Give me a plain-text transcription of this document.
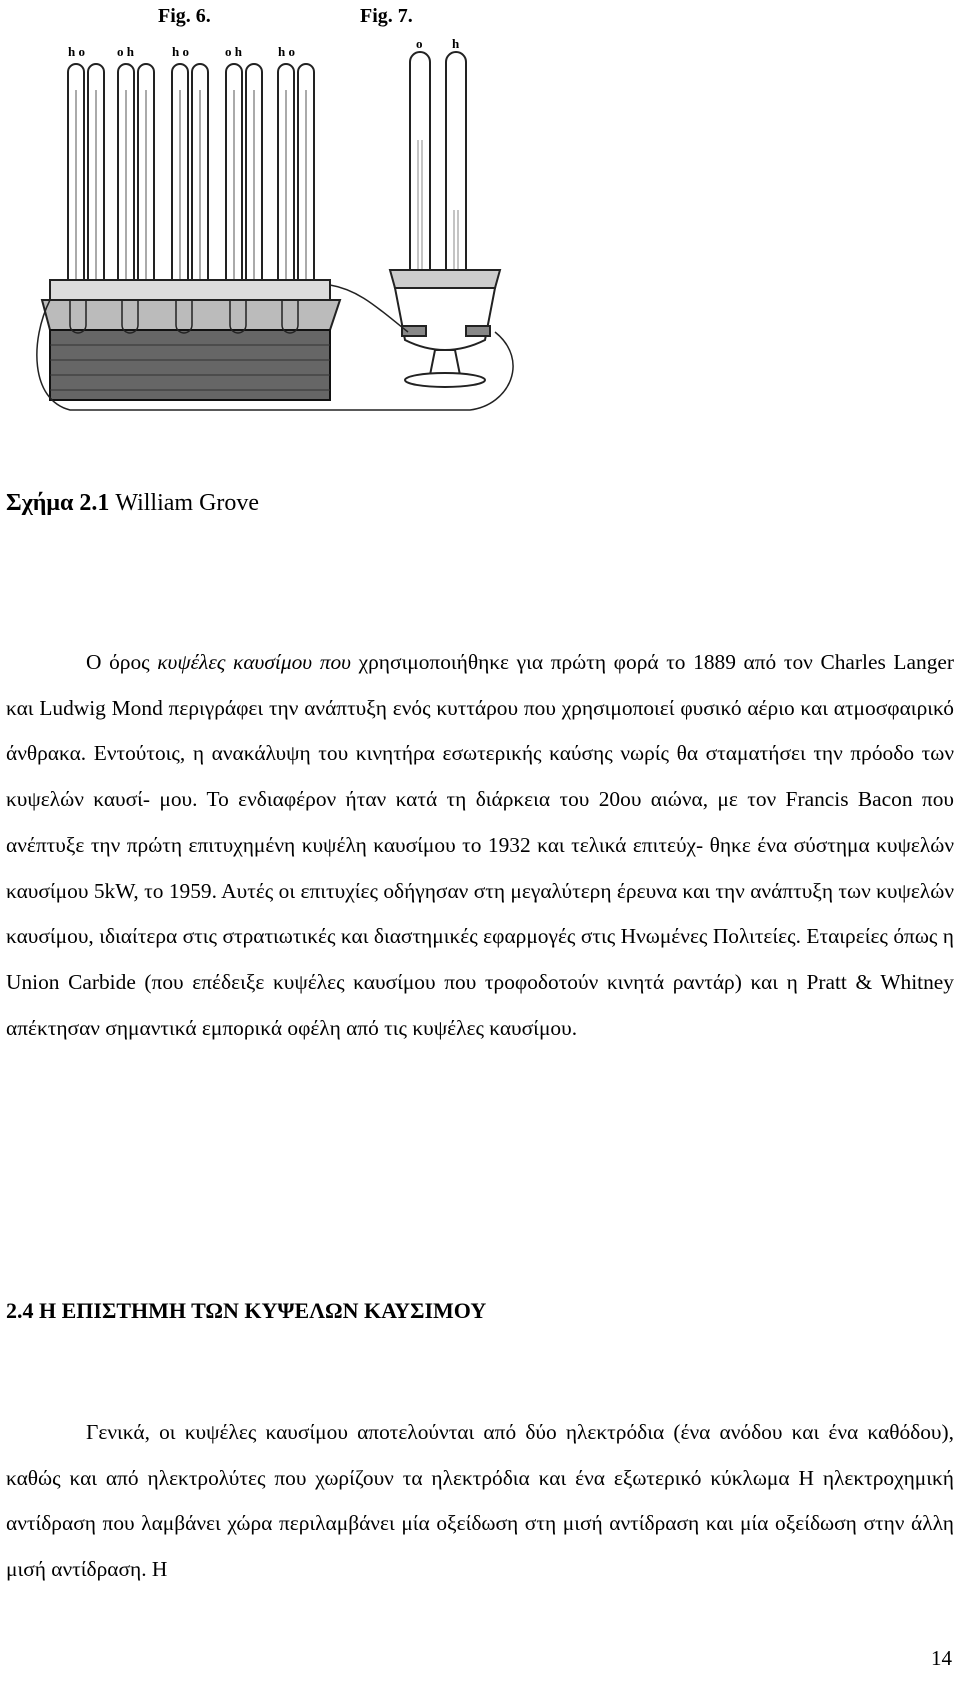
Fig. 6.	Fig. 7.
h o o h	h o	o h	h o
o h
Σχήμα 2.1 William Grove

Ο όρος κυψέλες καυσίμου που χρησιμοποιήθηκε για πρώτη φορά το 1889 από τον Charles Langer και Ludwig Mond περιγράφει την ανάπτυξη ενός κυττάρου που χρησιμοποιεί φυσικό αέριο και ατμοσφαιρικό άνθρακα. Εντούτοις, η ανακάλυψη του κινητήρα εσωτερικής καύσης νωρίς θα σταματήσει την πρόοδο των κυψελών καυσί- μου. Το ενδιαφέρον ήταν κατά τη διάρκεια του 20ου αιώνα, με τον Francis Bacon που ανέπτυξε την πρώτη επιτυχημένη κυψέλη καυσίμου το 1932 και τελικά επιτεύχ- θηκε ένα σύστημα κυψελών καυσίμου 5kW, το 1959. Αυτές οι επιτυχίες οδήγησαν στη μεγαλύτερη έρευνα και την ανάπτυξη των κυψελών καυσίμου, ιδιαίτερα στις στρατιωτικές και διαστημικές εφαρμογές στις Ηνωμένες Πολιτείες. Εταιρείες όπως η Union Carbide (που επέδειξε κυψέλες καυσίμου που τροφοδοτούν κινητά ραντάρ) και η Pratt & Whitney απέκτησαν σημαντικά εμπορικά οφέλη από τις κυψέλες καυσίμου.

2.4 Η ΕΠΙΣΤΗΜΗ ΤΩΝ ΚΥΨΕΛΩΝ ΚΑΥΣΙΜΟΥ

Γενικά, οι κυψέλες καυσίμου αποτελούνται από δύο ηλεκτρόδια (ένα ανόδου και ένα καθόδου), καθώς και από ηλεκτρολύτες που χωρίζουν τα ηλεκτρόδια και ένα εξωτερικό κύκλωμα Η ηλεκτροχημική αντίδραση που λαμβάνει χώρα περιλαμβάνει μία οξείδωση στη μισή αντίδραση και μία οξείδωση στην άλλη μισή αντίδραση. Η

14
